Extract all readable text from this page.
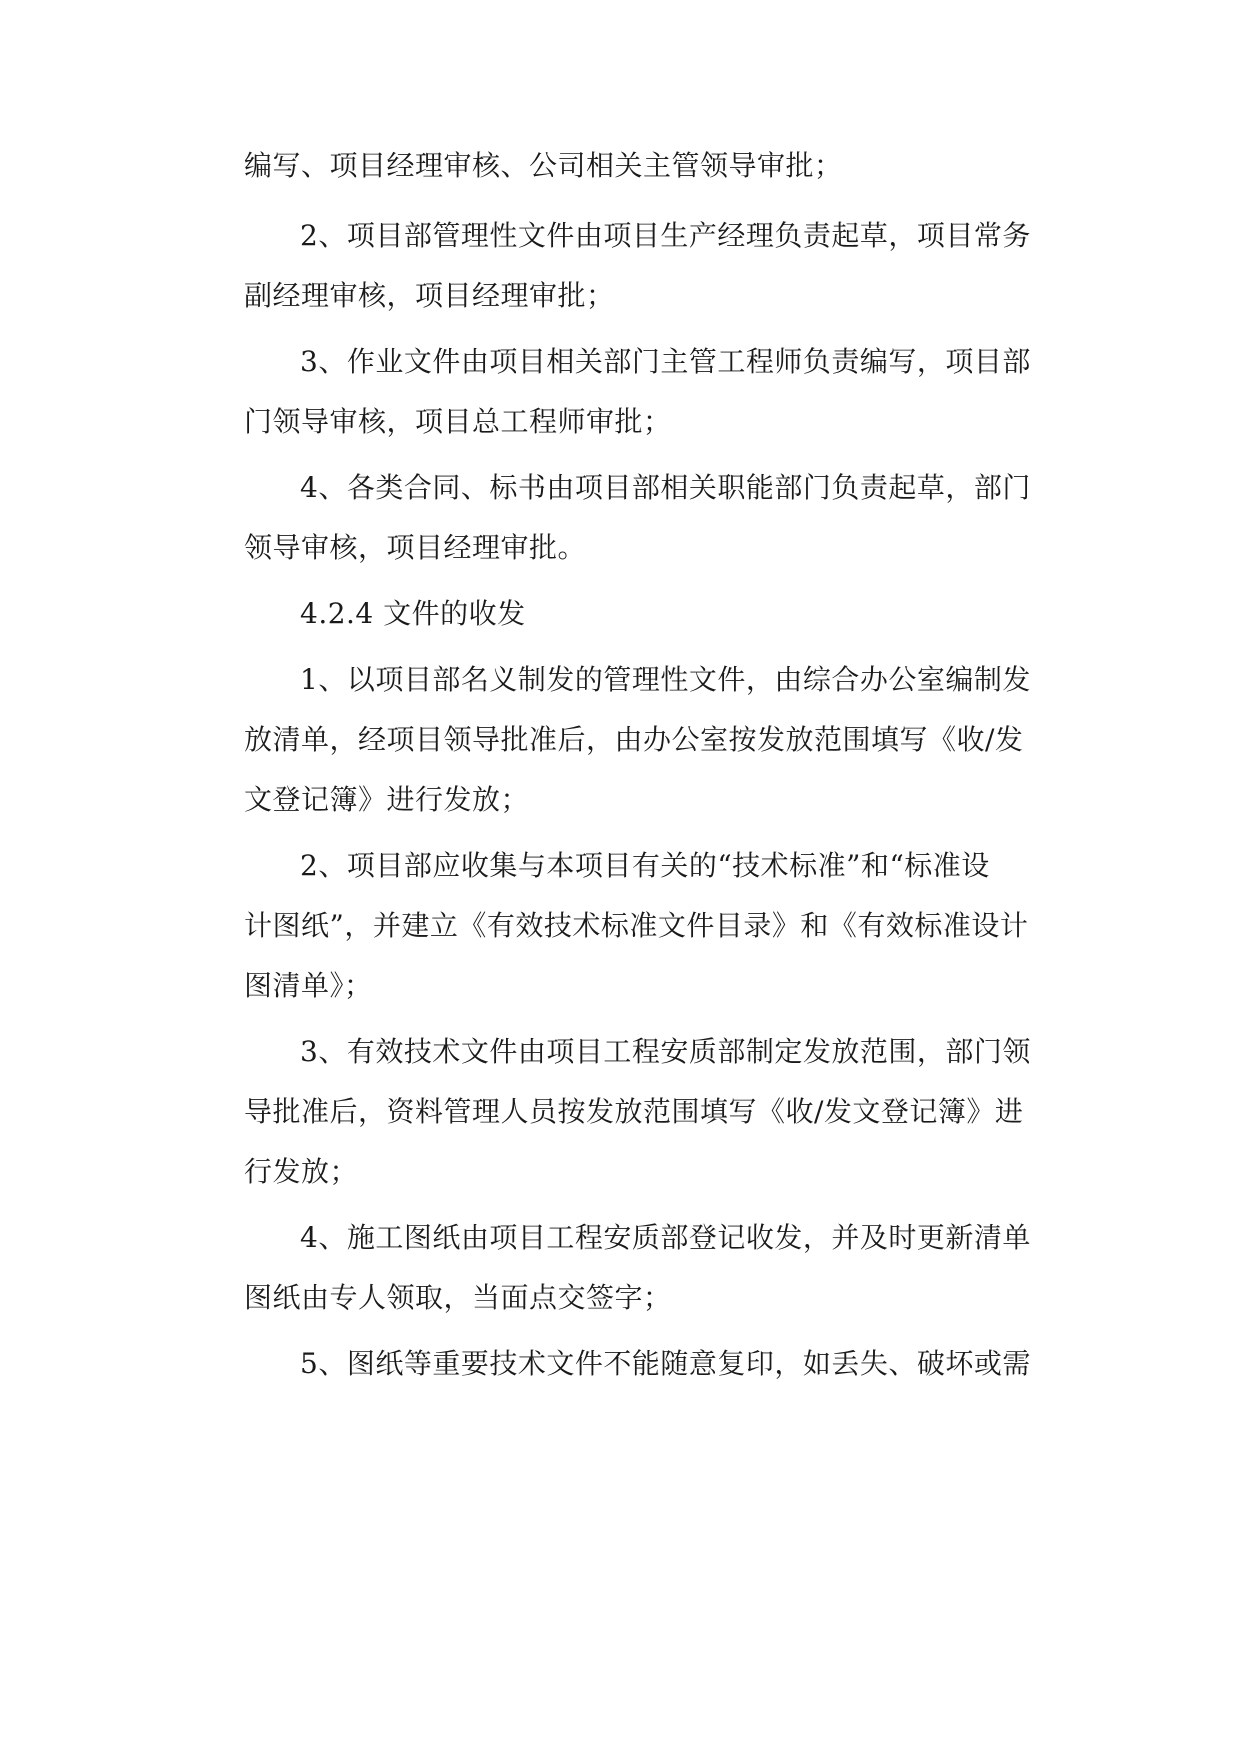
编写、项目经理审核、公司相关主管领导审批；
2、项目部管理性文件由项目生产经理负责起草，项目常务
副经理审核，项目经理审批；
3、作业文件由项目相关部门主管工程师负责编写，项目部
门领导审核，项目总工程师审批；
4、各类合同、标书由项目部相关职能部门负责起草，部门
领导审核，项目经理审批。
4.2.4 文件的收发
1、以项目部名义制发的管理性文件，由综合办公室编制发
放清单，经项目领导批准后，由办公室按发放范围填写《收/发
文登记簿》进行发放；
2、项目部应收集与本项目有关的“技术标准”和“标准设
计图纸”，并建立《有效技术标准文件目录》和《有效标准设计
图清单》；
3、有效技术文件由项目工程安质部制定发放范围，部门领
导批准后，资料管理人员按发放范围填写《收/发文登记簿》进
行发放；
4、施工图纸由项目工程安质部登记收发，并及时更新清单
图纸由专人领取，当面点交签字；
5、图纸等重要技术文件不能随意复印，如丢失、破坏或需
